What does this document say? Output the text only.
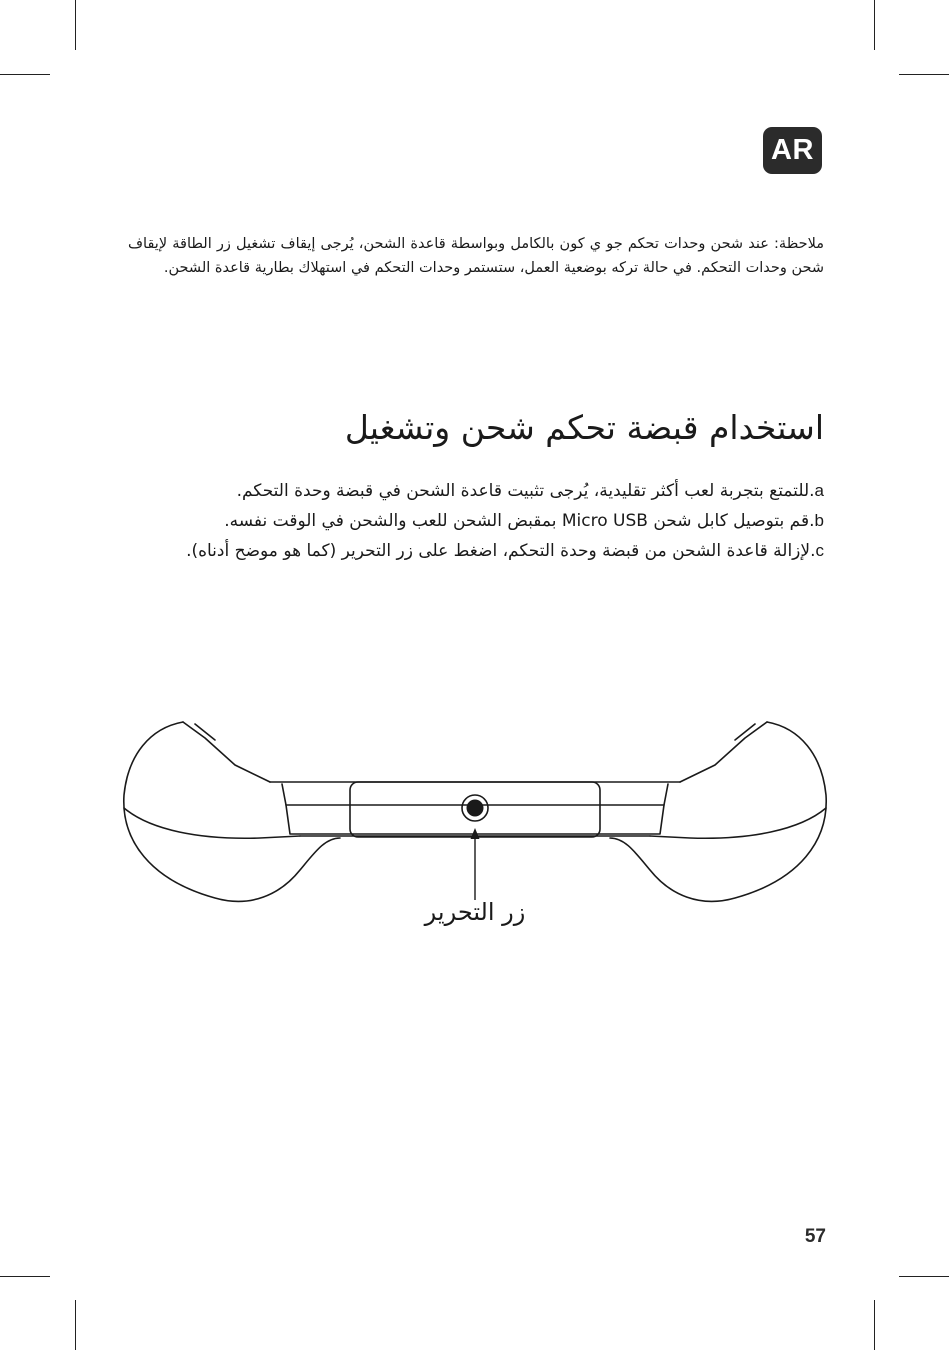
AR

ملاحظة: عند شحن وحدات تحكم جو ي كون بالكامل وبواسطة قاعدة الشحن، يُرجى إيقاف تشغيل زر الطاقة لإيقاف شحن وحدات التحكم. في حالة تركه بوضعية العمل، ستستمر وحدات التحكم في استهلاك بطارية قاعدة الشحن.

استخدام قبضة تحكم شحن وتشغيل
a.للتمتع بتجربة لعب أكثر تقليدية، يُرجى تثبيت قاعدة الشحن في قبضة وحدة التحكم.
b.قم بتوصيل كابل شحن Micro USB بمقبض الشحن للعب والشحن في الوقت نفسه.
c.لإزالة قاعدة الشحن من قبضة وحدة التحكم، اضغط على زر التحرير (كما هو موضح أدناه).
زر التحرير
57
